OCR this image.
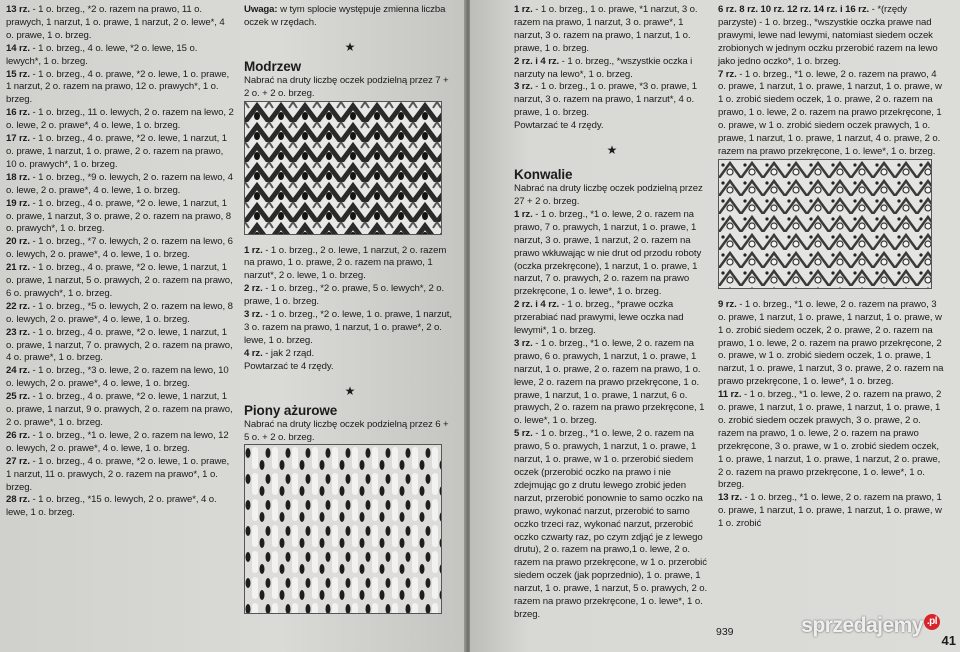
13 rz. - 1 o. brzeg., *2 o. razem na prawo, 11 o. prawych, 1 narzut, 1 o. prawe, 1 narzut, 2 o. lewe*, 4 o. prawe, 1 o. brzeg.

14 rz. - 1 o. brzeg., 4 o. lewe, *2 o. lewe, 15 o. lewych*, 1 o. brzeg.

15 rz. - 1 o. brzeg., 4 o. prawe, *2 o. lewe, 1 o. prawe, 1 narzut, 2 o. razem na prawo, 12 o. prawych*, 1 o. brzeg.

16 rz. - 1 o. brzeg., 11 o. lewych, 2 o. razem na lewo, 2 o. lewe, 2 o. prawe*, 4 o. lewe, 1 o. brzeg.

17 rz. - 1 o. brzeg., 4 o. prawe, *2 o. lewe, 1 narzut, 1 o. prawe, 1 narzut, 1 o. prawe, 2 o. razem na prawo, 10 o. prawych*, 1 o. brzeg.

18 rz. - 1 o. brzeg., *9 o. lewych, 2 o. razem na lewo, 4 o. lewe, 2 o. prawe*, 4 o. lewe, 1 o. brzeg.

19 rz. - 1 o. brzeg., 4 o. prawe, *2 o. lewe, 1 narzut, 1 o. prawe, 1 narzut, 3 o. prawe, 2 o. razem na prawo, 8 o. prawych*, 1 o. brzeg.

20 rz. - 1 o. brzeg., *7 o. lewych, 2 o. razem na lewo, 6 o. lewych, 2 o. prawe*, 4 o. lewe, 1 o. brzeg.

21 rz. - 1 o. brzeg., 4 o. prawe, *2 o. lewe, 1 narzut, 1 o. prawe, 1 narzut, 5 o. prawych, 2 o. razem na prawo, 6 o. prawych*, 1 o. brzeg.

22 rz. - 1 o. brzeg., *5 o. lewych, 2 o. razem na lewo, 8 o. lewych, 2 o. prawe*, 4 o. lewe, 1 o. brzeg.

23 rz. - 1 o. brzeg., 4 o. prawe, *2 o. lewe, 1 narzut, 1 o. prawe, 1 narzut, 7 o. prawych, 2 o. razem na prawo, 4 o. prawe*, 1 o. brzeg.

24 rz. - 1 o. brzeg., *3 o. lewe, 2 o. razem na lewo, 10 o. lewych, 2 o. prawe*, 4 o. lewe, 1 o. brzeg.

25 rz. - 1 o. brzeg., 4 o. prawe, *2 o. lewe, 1 narzut, 1 o. prawe, 1 narzut, 9 o. prawych, 2 o. razem na prawo, 2 o. prawe*, 1 o. brzeg.

26 rz. - 1 o. brzeg., *1 o. lewe, 2 o. razem na lewo, 12 o. lewych, 2 o. prawe*, 4 o. lewe, 1 o. brzeg.

27 rz. - 1 o. brzeg., 4 o. prawe, *2 o. lewe, 1 o. prawe, 1 narzut, 11 o. prawych, 2 o. razem na prawo*, 1 o. brzeg.

28 rz. - 1 o. brzeg., *15 o. lewych, 2 o. prawe*, 4 o. lewe, 1 o. brzeg.

Uwaga: w tym splocie występuje zmienna liczba oczek w rzędach.

★

Modrzew

Nabrać na druty liczbę oczek podzielną przez 7 + 2 o. + 2 o. brzeg.

1 rz. - 1 o. brzeg., 2 o. lewe, 1 narzut, 2 o. razem na prawo, 1 o. prawe, 2 o. razem na prawo, 1 narzut*, 2 o. lewe, 1 o. brzeg.

2 rz. - 1 o. brzeg., *2 o. prawe, 5 o. lewych*, 2 o. prawe, 1 o. brzeg.

3 rz. - 1 o. brzeg., *2 o. lewe, 1 o. prawe, 1 narzut, 3 o. razem na prawo, 1 narzut, 1 o. prawe*, 2 o. lewe, 1 o. brzeg.

4 rz. - jak 2 rząd.

Powtarzać te 4 rzędy.

★

Piony ażurowe

Nabrać na druty liczbę oczek podzielną przez 6 + 5 o. + 2 o. brzeg.

1 rz. - 1 o. brzeg., 1 o. prawe, *1 narzut, 3 o. razem na prawo, 1 narzut, 3 o. prawe*, 1 narzut, 3 o. razem na prawo, 1 narzut, 1 o. prawe, 1 o. brzeg.

2 rz. i 4 rz. - 1 o. brzeg., *wszystkie oczka i narzuty na lewo*, 1 o. brzeg.

3 rz. - 1 o. brzeg., 1 o. prawe, *3 o. prawe, 1 narzut, 3 o. razem na prawo, 1 narzut*, 4 o. prawe, 1 o. brzeg.

Powtarzać te 4 rzędy.

★

Konwalie

Nabrać na druty liczbę oczek podzielną przez 27 + 2 o. brzeg.

1 rz. - 1 o. brzeg., *1 o. lewe, 2 o. razem na prawo, 7 o. prawych, 1 narzut, 1 o. prawe, 1 narzut, 3 o. prawe, 1 narzut, 2 o. razem na prawo wkłuwając w nie drut od przodu roboty (oczka przekręcone), 1 narzut, 1 o. prawe, 1 narzut, 7 o. prawych, 2 o. razem na prawo przekręcone, 1 o. lewe*, 1 o. brzeg.

2 rz. i 4 rz. - 1 o. brzeg., *prawe oczka przerabiać nad prawymi, lewe oczka nad lewymi*, 1 o. brzeg.

3 rz. - 1 o. brzeg., *1 o. lewe, 2 o. razem na prawo, 6 o. prawych, 1 narzut, 1 o. prawe, 1 narzut, 1 o. prawe, 2 o. razem na prawo, 1 o. lewe, 2 o. razem na prawo przekręcone, 1 o. prawe, 1 narzut, 1 o. prawe, 1 narzut, 6 o. prawych, 2 o. razem na prawo przekręcone, 1 o. lewe*, 1 o. brzeg.

5 rz. - 1 o. brzeg., *1 o. lewe, 2 o. razem na prawo, 5 o. prawych, 1 narzut, 1 o. prawe, 1 narzut, 1 o. prawe, w 1 o. przerobić siedem oczek (przerobić oczko na prawo i nie zdejmując go z drutu lewego zrobić jeden narzut, przerobić ponownie to samo oczko na prawo, wykonać narzut, przerobić to samo oczko trzeci raz, wykonać narzut, przerobić oczko czwarty raz, po czym zdjąć je z lewego drutu), 2 o. razem na prawo,1 o. lewe, 2 o. razem na prawo przekręcone, w 1 o. przerobić siedem oczek (jak poprzednio), 1 o. prawe, 1 narzut, 1 o. prawe, 1 narzut, 5 o. prawych, 2 o. razem na prawo przekręcone, 1 o. lewe*, 1 o. brzeg.

6 rz. 8 rz. 10 rz. 12 rz. 14 rz. i 16 rz. - *(rzędy parzyste) - 1 o. brzeg., *wszystkie oczka prawe nad prawymi, lewe nad lewymi, natomiast siedem oczek zrobionych w jednym oczku przerobić razem na lewo jako jedno oczko*, 1 o. brzeg.

7 rz. - 1 o. brzeg., *1 o. lewe, 2 o. razem na prawo, 4 o. prawe, 1 narzut, 1 o. prawe, 1 narzut, 1 o. prawe, w 1 o. zrobić siedem oczek, 1 o. prawe, 2 o. razem na prawo, 1 o. lewe, 2 o. razem na prawo przekręcone, 1 o. prawe, w 1 o. zrobić siedem oczek prawych, 1 o. prawe, 1 narzut, 1 o. prawe, 1 narzut, 4 o. prawe, 2 o. razem na prawo przekręcone, 1 o. lewe*, 1 o. brzeg.

9 rz. - 1 o. brzeg., *1 o. lewe, 2 o. razem na prawo, 3 o. prawe, 1 narzut, 1 o. prawe, 1 narzut, 1 o. prawe, w 1 o. zrobić siedem oczek, 2 o. prawe, 2 o. razem na prawo, 1 o. lewe, 2 o. razem na prawo przekręcone, 2 o. prawe, w 1 o. zrobić siedem oczek, 1 o. prawe, 1 narzut, 1 o. prawe, 1 narzut, 3 o. prawe, 2 o. razem na prawo przekręcone, 1 o. lewe*, 1 o. brzeg.

11 rz. - 1 o. brzeg., *1 o. lewe, 2 o. razem na prawo, 2 o. prawe, 1 narzut, 1 o. prawe, 1 narzut, 1 o. prawe, 1 o. zrobić siedem oczek prawych, 3 o. prawe, 2 o. razem na prawo, 1 o. lewe, 2 o. razem na prawo przekręcone, 3 o. prawe, w 1 o. zrobić siedem oczek, 1 o. prawe, 1 narzut, 1 o. prawe, 1 narzut, 2 o. prawe, 2 o. razem na prawo przekręcone, 1 o. lewe*, 1 o. brzeg.

13 rz. - 1 o. brzeg., *1 o. lewe, 2 o. razem na prawo, 1 o. prawe, 1 narzut, 1 o. prawe, 1 narzut, 1 o. prawe, w 1 o. zrobić

939
41
sprzedajemy .pl
